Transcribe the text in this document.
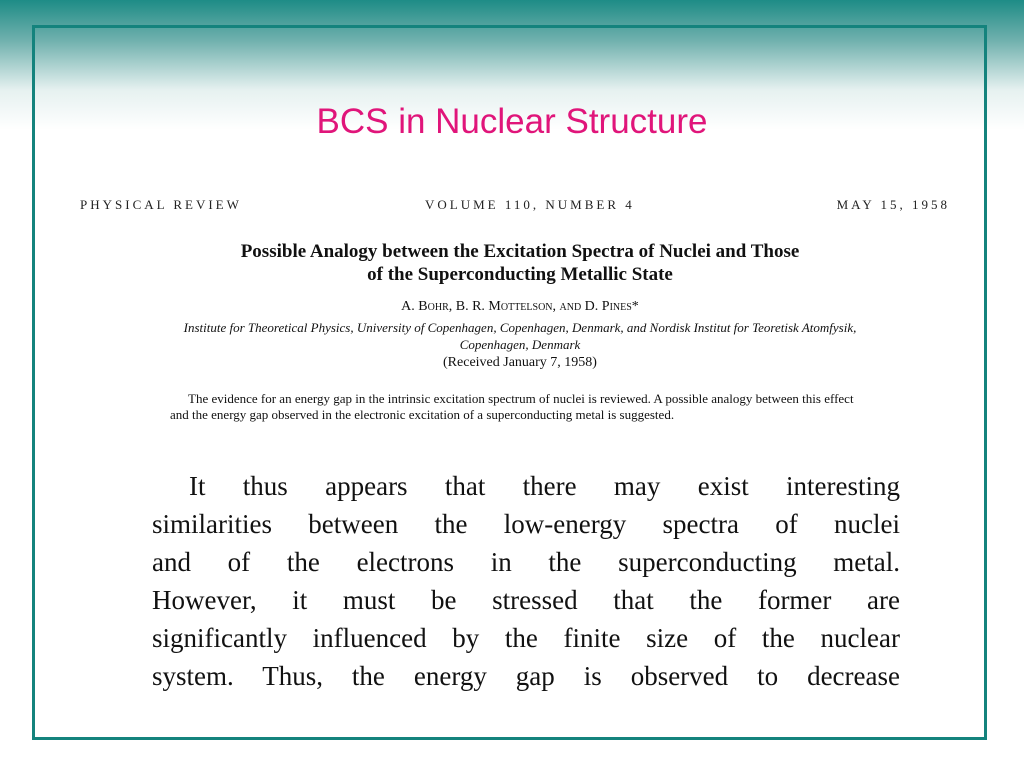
BCS in Nuclear Structure
PHYSICAL REVIEW	VOLUME 110, NUMBER 4	MAY 15, 1958
Possible Analogy between the Excitation Spectra of Nuclei and Those
of the Superconducting Metallic State
A. Bohr, B. R. Mottelson, and D. Pines*
Institute for Theoretical Physics, University of Copenhagen, Copenhagen, Denmark, and Nordisk Institut for Teoretisk Atomfysik,
Copenhagen, Denmark
(Received January 7, 1958)

The evidence for an energy gap in the intrinsic excitation spectrum of nuclei is reviewed. A possible analogy between this effect and the energy gap observed in the electronic excitation of a superconducting metal is suggested.

It thus appears that there may exist interesting
similarities between the low-energy spectra of nuclei
and of the electrons in the superconducting metal.
However, it must be stressed that the former are
significantly influenced by the finite size of the nuclear
system. Thus, the energy gap is observed to decrease
